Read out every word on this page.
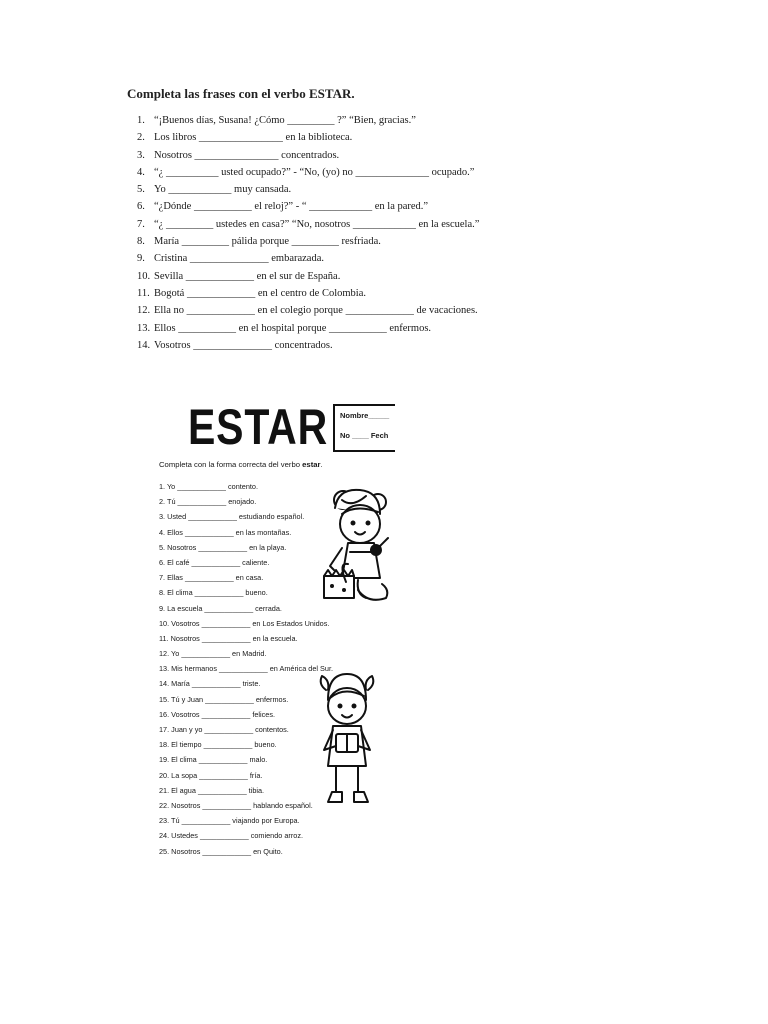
Completa las frases con el verbo ESTAR.
1. “¡Buenos días, Susana! ¿Cómo _________ ?” “Bien, gracias.”
2. Los libros ________________ en la biblioteca.
3. Nosotros ________________ concentrados.
4. “¿ __________ usted ocupado?” - “No, (yo) no ______________ ocupado.”
5. Yo ____________ muy cansada.
6. “¿Dónde ___________ el reloj?” - “ ____________ en la pared.”
7. “¿ _________ ustedes en casa?” “No, nosotros ____________ en la escuela.”
8. María _________ pálida porque _________ resfriada.
9. Cristina _______________ embarazada.
10. Sevilla _____________ en el sur de España.
11. Bogotá _____________ en el centro de Colombia.
12. Ella no _____________ en el colegio porque _____________ de vacaciones.
13. Ellos ___________ en el hospital porque ___________ enfermos.
14. Vosotros _______________ concentrados.
ESTAR Nombre_____
No ____ Fech
Completa con la forma correcta del verbo estar.
1. Yo ____________ contento.
2. Tú ____________ enojado.
3. Usted ____________ estudiando español.
4. Ellos ____________ en las montañas.
5. Nosotros ____________ en la playa.
6. El café ____________ caliente.
7. Ellas ____________ en casa.
8. El clima ____________ bueno.
9. La escuela ____________ cerrada.
10. Vosotros ____________ en Los Estados Unidos.
11. Nosotros ____________ en la escuela.
12. Yo ____________ en Madrid.
13. Mis hermanos ____________ en América del Sur.
14. María ____________ triste.
15. Tú y Juan ____________ enfermos.
16. Vosotros ____________ felices.
17. Juan y yo ____________ contentos.
18. El tiempo ____________ bueno.
19. El clima ____________ malo.
20. La sopa ____________ fría.
21. El agua ____________ tibia.
22. Nosotros ____________ hablando español.
23. Tú ____________ viajando por Europa.
24. Ustedes ____________ comiendo arroz.
25. Nosotros ____________ en Quito.
